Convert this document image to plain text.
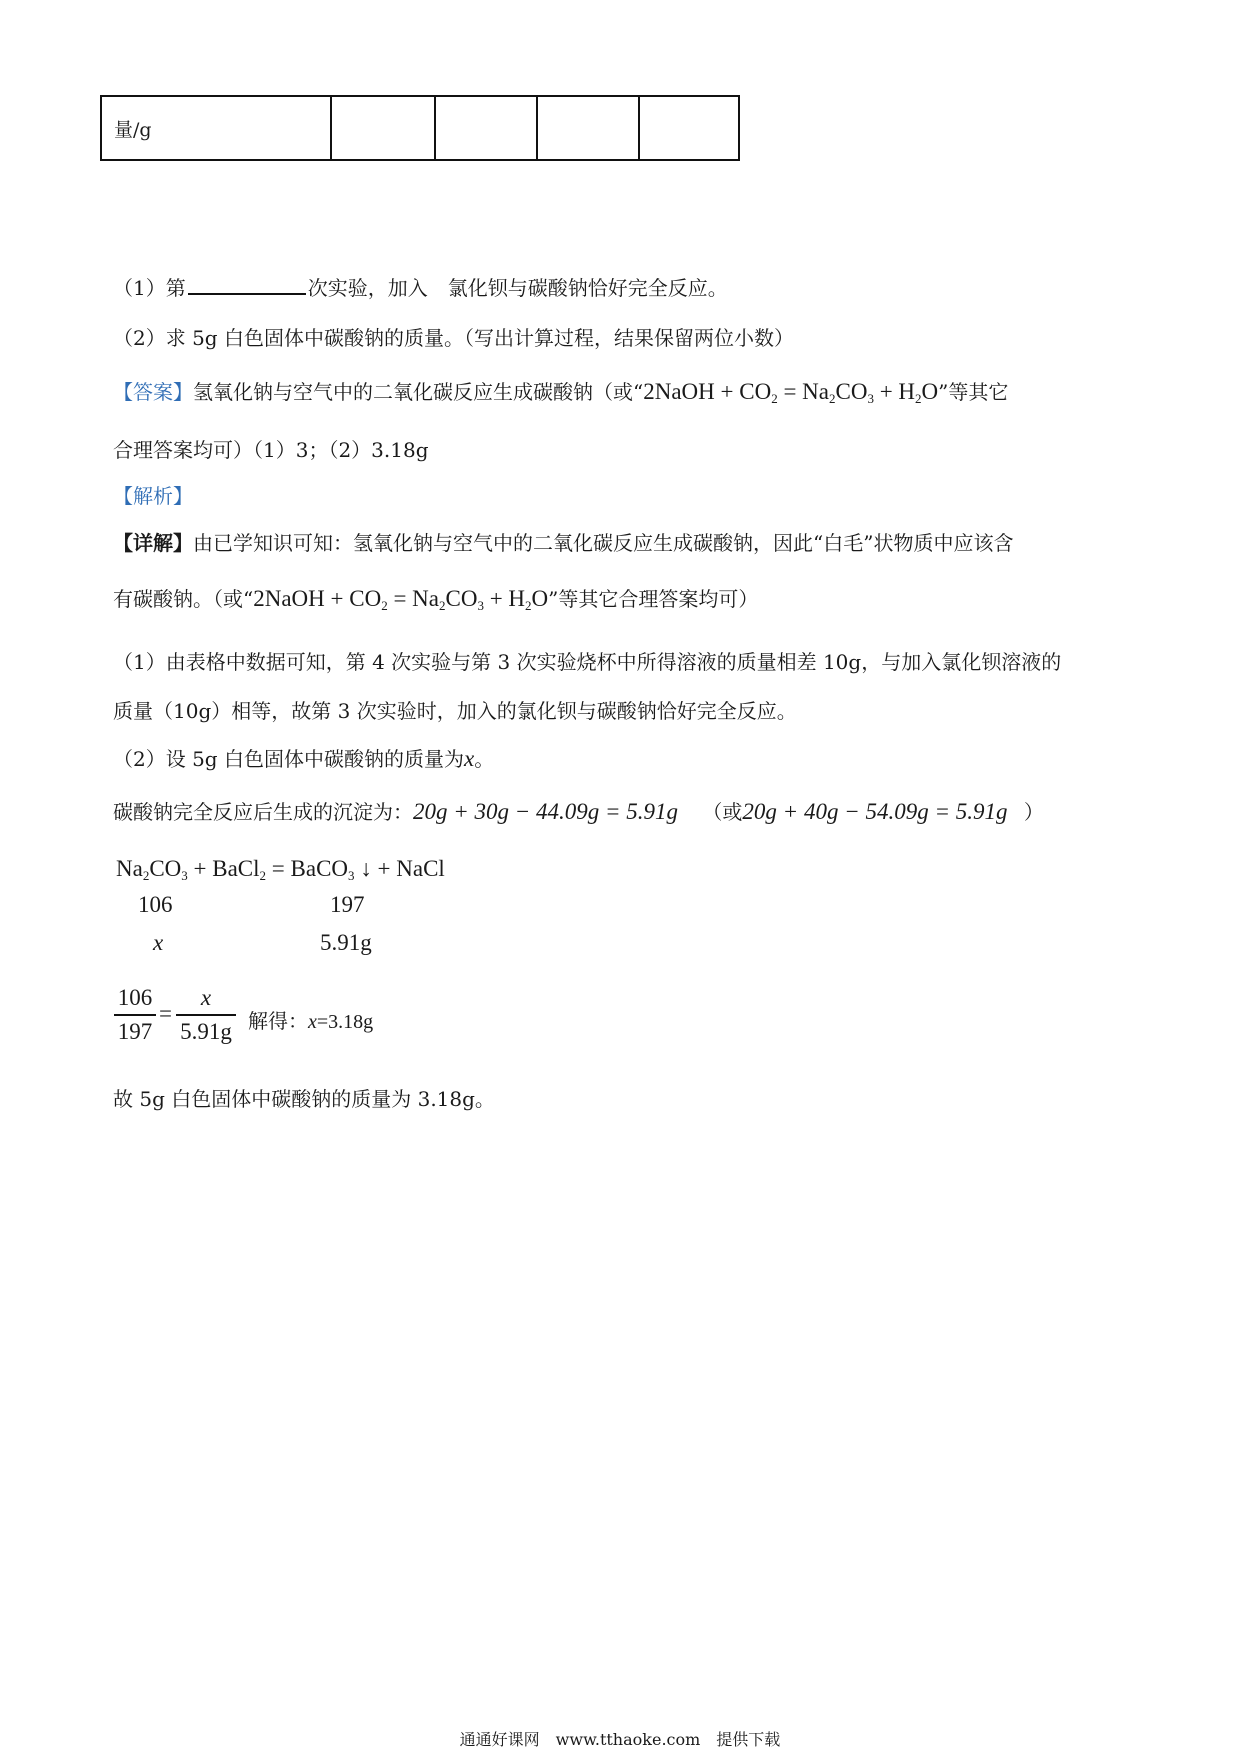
量/g				
（1）第	次实验，加入　氯化钡与碳酸钠恰好完全反应。
（2）求 5g 白色固体中碳酸钠的质量。（写出计算过程，结果保留两位小数）
【答案】氢氧化钠与空气中的二氧化碳反应生成碳酸钠（或“2NaOH + $CO_2 = Na_2CO_3 + H_2O$”等其它
合理答案均可）（1）3；（2）3.18g
【解析】
【详解】由已学知识可知：氢氧化钠与空气中的二氧化碳反应生成碳酸钠，因此“白毛”状物质中应该含
有碳酸钠。（或“2NaOH + $CO_2 = Na_2CO_3 + H_2O$”等其它合理答案均可）
（1）由表格中数据可知，第 4 次实验与第 3 次实验烧杯中所得溶液的质量相差 10g，与加入氯化钡溶液的
质量（10g）相等，故第 3 次实验时，加入的氯化钡与碳酸钠恰好完全反应。
（2）设 5g 白色固体中碳酸钠的质量为x。
碳酸钠完全反应后生成的沉淀为：20g + 30g − 44.09g = 5.91g （或20g + 40g − 54.09g = 5.91g ）
$Na_2CO_3$ + BaCl$_2$ = BaCO$_3$ ↓ + NaCl
106	197
x	5.91g
106
197
=
x
5.91g 解得：x=3.18g
故 5g 白色固体中碳酸钠的质量为 3.18g。
通通好课网　www.tthaoke.com　提供下载
